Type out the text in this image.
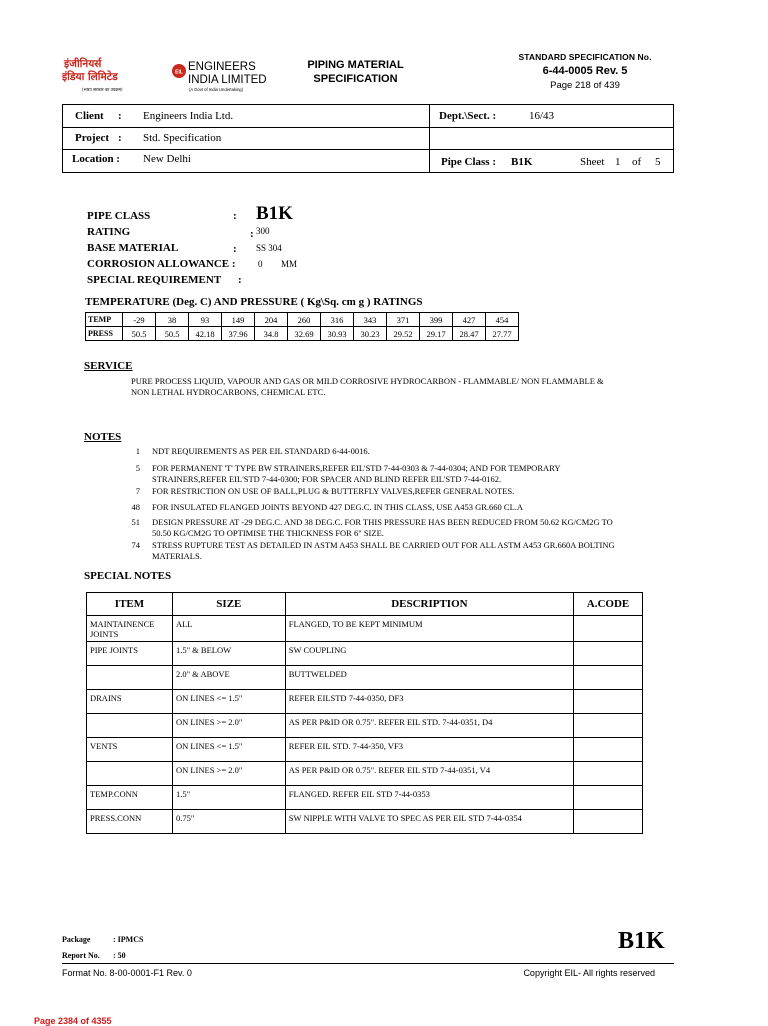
इंजीनियर्स
इंडिया लिमिटेड	EIL ENGINEERS
INDIA LIMITED
(A Govt of India Undertaking)
(भारत सरकार का उपक्रम)
PIPING MATERIAL
SPECIFICATION
STANDARD SPECIFICATION No.
6-44-0005 Rev. 5
Page 218 of 439
Client : Engineers India Ltd.
Project : Std. Specification
Location : New Delhi
Dept.\Sect. :	16/43
Pipe Class : B1K	Sheet 1 of 5
PIPE CLASS	: B1K
RATING	: 300
BASE MATERIAL	: SS 304
CORROSION ALLOWANCE : 0 MM
SPECIAL REQUIREMENT :
TEMPERATURE (Deg. C) AND PRESSURE ( Kg\Sq. cm g ) RATINGS
TEMP	-29	38	93	149	204	260	316	343	371	399	427	454
PRESS	50.5	50.5	42.18	37.96	34.8	32.69	30.93	30.23	29.52	29.17	28.47	27.77
SERVICE
PURE PROCESS LIQUID, VAPOUR AND GAS OR MILD CORROSIVE HYDROCARBON - FLAMMABLE/ NON FLAMMABLE &
NON LETHAL HYDROCARBONS, CHEMICAL ETC.
NOTES
1 NDT REQUIREMENTS AS PER EIL STANDARD 6-44-0016.
5 FOR PERMANENT 'T' TYPE BW STRAINERS,REFER EIL'STD 7-44-0303 & 7-44-0304; AND FOR TEMPORARY
STRAINERS,REFER EIL'STD 7-44-0300; FOR SPACER AND BLIND REFER EIL'STD 7-44-0162.
7 FOR RESTRICTION ON USE OF BALL,PLUG & BUTTERFLY VALVES,REFER GENERAL NOTES.
48 FOR INSULATED FLANGED JOINTS BEYOND 427 DEG.C. IN THIS CLASS, USE A453 GR.660 CL.A
51 DESIGN PRESSURE AT -29 DEG.C. AND 38 DEG.C. FOR THIS PRESSURE HAS BEEN REDUCED FROM 50.62 KG/CM2G TO
50.50 KG/CM2G TO OPTIMISE THE THICKNESS FOR 6" SIZE.
74 STRESS RUPTURE TEST AS DETAILED IN ASTM A453 SHALL BE CARRIED OUT FOR ALL ASTM A453 GR.660A BOLTING
MATERIALS.
SPECIAL NOTES
ITEM	SIZE	DESCRIPTION	A.CODE
MAINTAINENCE JOINTS	ALL	FLANGED, TO BE KEPT MINIMUM	
PIPE JOINTS	1.5" & BELOW	SW COUPLING	
	2.0" & ABOVE	BUTTWELDED	
DRAINS	ON LINES <= 1.5"	REFER EILSTD 7-44-0350, DF3	
	ON LINES >= 2.0"	AS PER P&ID OR 0.75". REFER EIL STD. 7-44-0351, D4	
VENTS	ON LINES <= 1.5"	REFER EIL STD. 7-44-350, VF3	
	ON LINES >= 2.0"	AS PER P&ID OR 0.75". REFER EIL STD 7-44-0351, V4	
TEMP.CONN	1.5"	FLANGED. REFER EIL STD 7-44-0353	
PRESS.CONN	0.75"	SW NIPPLE WITH VALVE TO SPEC AS PER EIL STD 7-44-0354	
Package	: IPMCS
Report No. : 50
B1K
Format No. 8-00-0001-F1 Rev. 0	Copyright EIL- All rights reserved
Page 2384 of 4355
